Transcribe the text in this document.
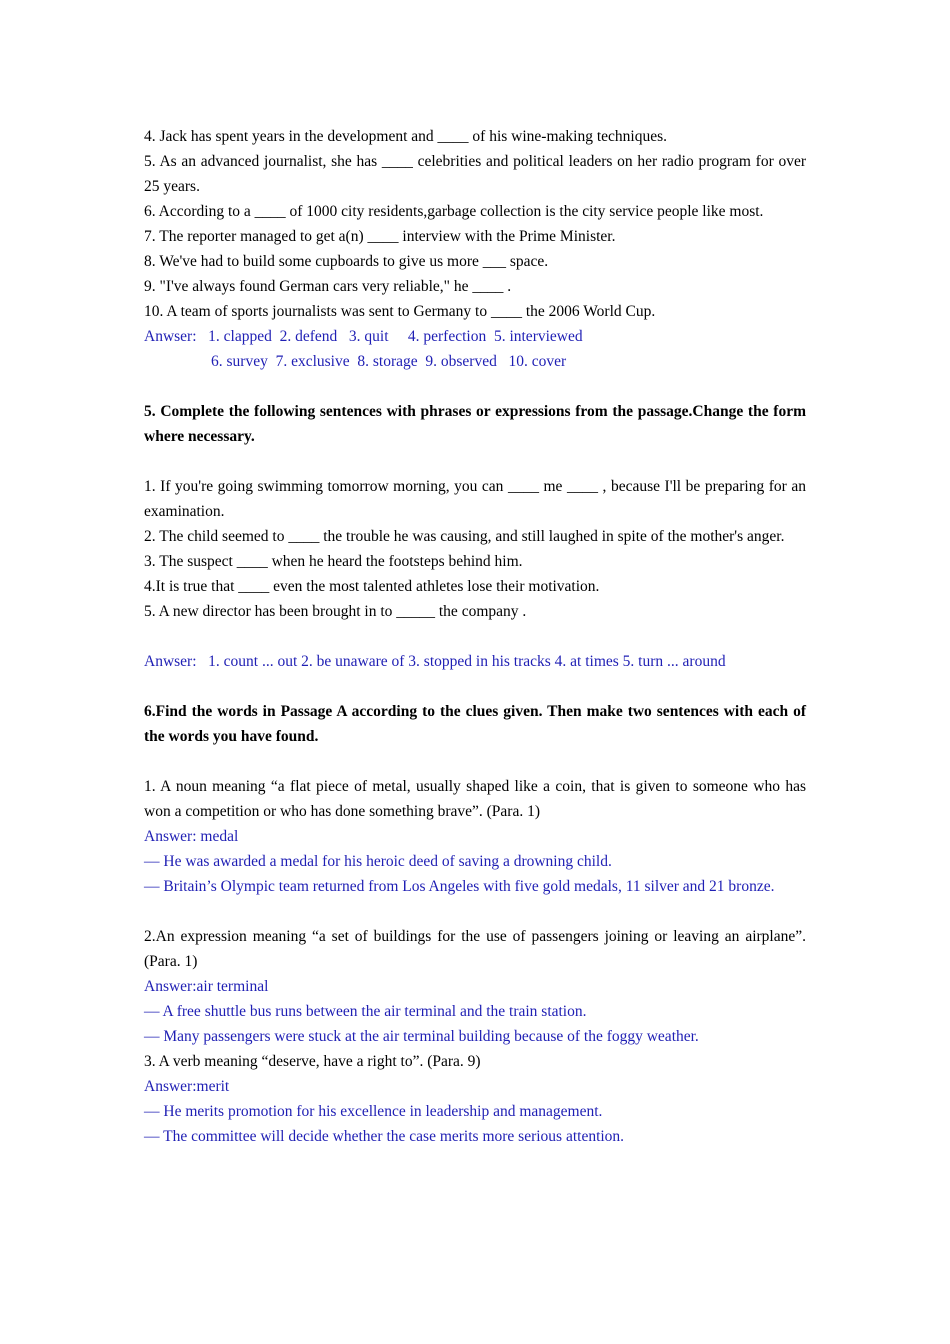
4. Jack has spent years in the development and ____ of his wine-making techniques.

5. As an advanced journalist, she has ____ celebrities and political leaders on her radio program for over 25 years.

6. According to a ____ of 1000 city residents,garbage collection is the city service people like most.

7. The reporter managed to get a(n) ____ interview with the Prime Minister.

8. We've had to build some cupboards to give us more ___ space.

9. "I've always found German cars very reliable," he ____ .

10. A team of sports journalists was sent to Germany to ____ the 2006 World Cup.

Anwser:   1. clapped  2. defend   3. quit     4. perfection  5. interviewed

6. survey  7. exclusive  8. storage  9. observed   10. cover

5. Complete the following sentences with phrases or expressions from the passage.Change the form where necessary.

1. If you're going swimming tomorrow morning, you can ____ me ____ , because I'll be preparing for an examination.

2. The child seemed to ____ the trouble he was causing, and still laughed in spite of the mother's anger.

3. The suspect ____ when he heard the footsteps behind him.

4.It is true that ____ even the most talented athletes lose their motivation.

5. A new director has been brought in to _____ the company .

Anwser:   1. count ... out 2. be unaware of 3. stopped in his tracks 4. at times 5. turn ... around

6.Find the words in Passage A according to the clues given. Then make two sentences with each of the words you have found.

1. A noun meaning “a flat piece of metal, usually shaped like a coin, that is given to someone who has won a competition or who has done something brave”. (Para. 1)

Answer: medal

— He was awarded a medal for his heroic deed of saving a drowning child.

— Britain’s Olympic team returned from Los Angeles with five gold medals, 11 silver and 21 bronze.

2.An expression meaning “a set of buildings for the use of passengers joining or leaving an airplane”. (Para. 1)

Answer:air terminal

— A free shuttle bus runs between the air terminal and the train station.

— Many passengers were stuck at the air terminal building because of the foggy weather.

3. A verb meaning “deserve, have a right to”. (Para. 9)

Answer:merit

— He merits promotion for his excellence in leadership and management.

— The committee will decide whether the case merits more serious attention.
